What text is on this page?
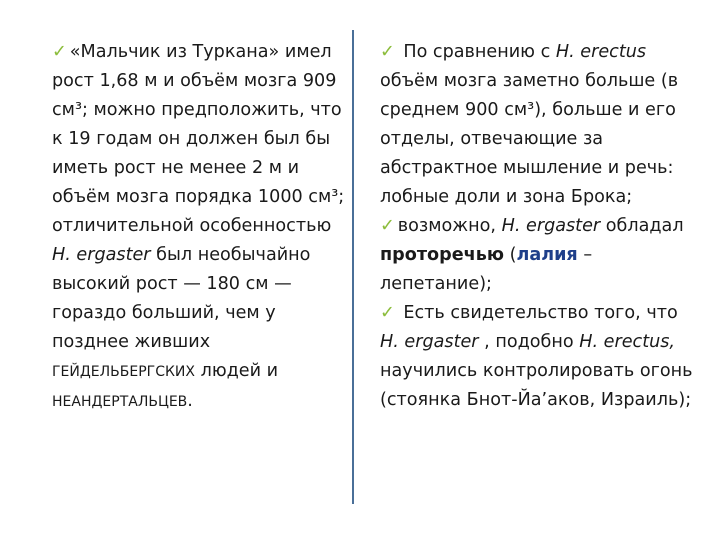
✓ «Мальчик из Туркана» имел рост 1,68 м и объём мозга 909 см³; можно предположить, что к 19 годам он должен был бы иметь рост не менее 2 м и объём мозга порядка 1000 см³; отличительной особенностью H. ergaster был необычайно высокий рост — 180 см — гораздо больший, чем у позднее живших ГЕЙДЕЛЬБЕРГСКИХ людей и НЕАНДЕРТАЛЬЦЕВ.

✓ По сравнению с H. erectus объём мозга заметно больше (в среднем 900 см³), больше и его отделы, отвечающие за абстрактное мышление и речь: лобные доли и зона Брока;

✓ возможно, H. ergaster обладал проторечью (лалия – лепетание);

✓ Есть свидетельство того, что H. ergaster , подобно H. erectus, научились контролировать огонь (стоянка Бнот-Йа’аков, Израиль);
